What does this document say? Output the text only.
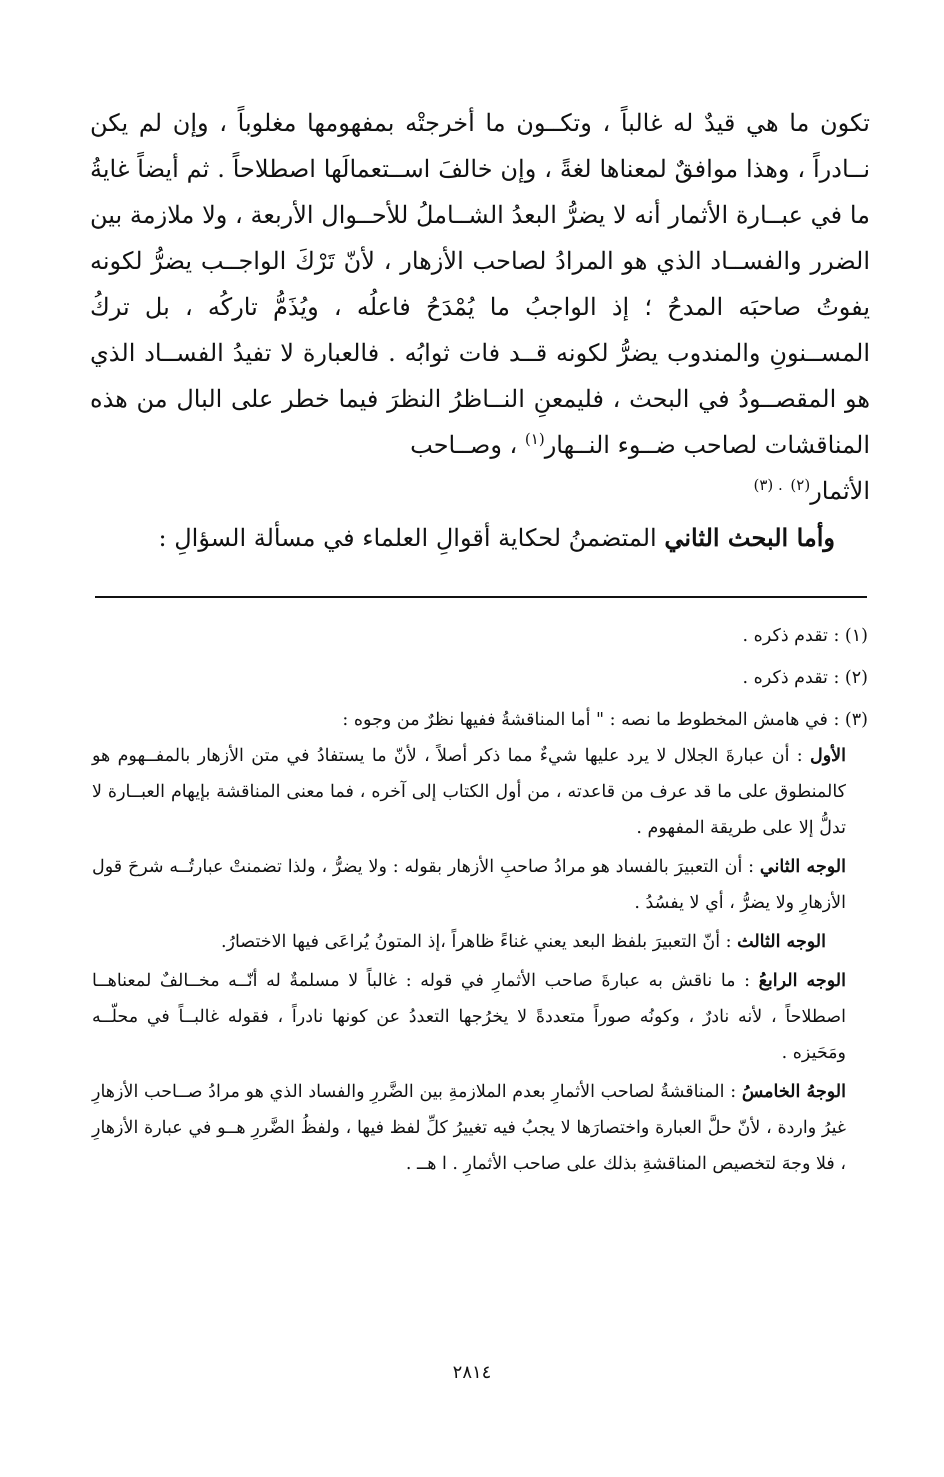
تكون ما هي قيدٌ له غالباً ، وتكــون ما أخرجتْه بمفهومها مغلوباً ، وإن لم يكن نــادراً ، وهذا موافقٌ لمعناها لغةً ، وإن خالفَ اســتعمالَها اصطلاحاً . ثم أيضاً غايةُ ما في عبــارة الأثمار أنه لا يضرُّ البعدُ الشــاملُ للأحــوال الأربعة ، ولا ملازمة بين الضرر والفســاد الذي هو المرادُ لصاحب الأزهار ، لأنّ تَرْكَ الواجــب يضرُّ لكونه يفوتُ صاحبَه المدحُ ؛ إذ الواجبُ ما يُمْدَحُ فاعلُه ، ويُذَمُّ تاركُه ، بل تركُ المســنونِ والمندوب يضرُّ لكونه قــد فات ثوابُه . فالعبارة لا تفيدُ الفســاد الذي هو المقصــودُ في البحث ، فليمعنِ النــاظرُ النظرَ فيما خطر على البال من هذه المناقشات لصاحب ضــوء النــهار$^{(١)}$ ، وصــاحب

الأثمار$^{(٢)}$ $^{. (٣)}$

وأما البحث الثاني المتضمنُ لحكاية أقوالِ العلماء في مسألة السؤالِ :

(١) : تقدم ذكره .

(٢) : تقدم ذكره .

(٣) : في هامش المخطوط ما نصه : " أما المناقشةُ ففيها نظرٌ من وجوه :

الأول : أن عبارةَ الجلال لا يرد عليها شيءٌ مما ذكر أصلاً ، لأنّ ما يستفادُ في متن الأزهار بالمفــهوم هو كالمنطوق على ما قد عرف من قاعدته ، من أول الكتاب إلى آخره ، فما معنى المناقشة بإيهام العبــارة لا تدلُّ إلا على طريقة المفهوم .

الوجه الثاني : أن التعبيرَ بالفساد هو مرادُ صاحبِ الأزهار بقوله : ولا يضرُّ ، ولذا تضمنتْ عبارتُــه شرحَ قول الأزهارِ ولا يضرُّ ، أي لا يفسُدُ .

الوجه الثالث : أنّ التعبيرَ بلفظ البعد يعني غناءً ظاهراً ،إذ المتونُ يُراعَى فيها الاختصارُ.

الوجه الرابعُ : ما ناقش به عبارةَ صاحب الأثمارِ في قوله : غالباً لا مسلمةٌ له أنّــه مخــالفٌ لمعناهــا اصطلاحاً ، لأنه نادرٌ ، وكونُه صوراً متعددةً لا يخرُجها التعددُ عن كونها نادراً ، فقوله غالبــاً في محلّــه ومَحَيزه .

الوجهُ الخامسُ : المناقشةُ لصاحب الأثمارِ بعدم الملازمةِ بين الضَّررِ والفساد الذي هو مرادُ صــاحب الأزهارِ غيرُ واردة ، لأنّ حلَّ العبارة واختصارَها لا يجبُ فيه تغييرُ كلِّ لفظ فيها ، ولفظُ الضَّررِ هــو في عبارة الأزهارِ ، فلا وجهَ لتخصيص المناقشةِ بذلك على صاحب الأثمارِ . ا هــ .

٢٨١٤
